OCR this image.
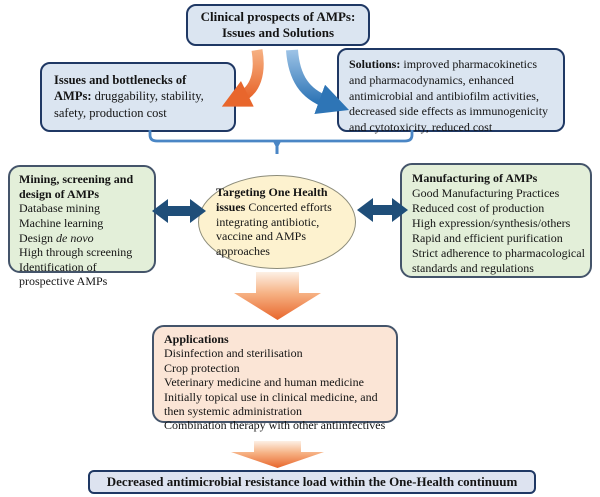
Clinical prospects of AMPs: Issues and Solutions
Issues and bottlenecks of AMPs: druggability, stability, safety, production cost
Solutions: improved pharmacokinetics and pharmacodynamics, enhanced antimicrobial and antibiofilm activities, decreased side effects as immunogenicity and cytotoxicity, reduced cost
Mining, screening and design of AMPs
Database mining
Machine learning
Design de novo
High through screening
Identification of prospective AMPs
Targeting One Health issues Concerted efforts integrating antibiotic, vaccine and AMPs approaches
Manufacturing of AMPs
Good Manufacturing Practices
Reduced cost of production
High expression/synthesis/others
Rapid and efficient purification
Strict adherence to pharmacological standards and regulations
Applications
Disinfection and sterilisation
Crop protection
Veterinary medicine and human medicine
Initially topical use in clinical medicine, and then systemic administration
Combination therapy with other antiinfectives
Decreased antimicrobial resistance load within the One-Health continuum
